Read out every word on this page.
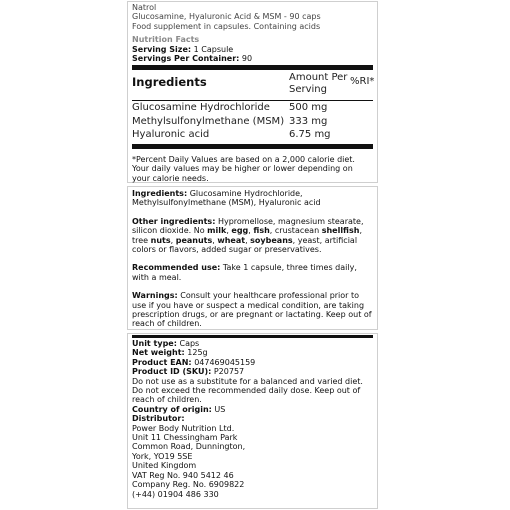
Natrol
Glucosamine, Hyaluronic Acid & MSM - 90 caps
Food supplement in capsules. Containing acids
Nutrition Facts
Serving Size: 1 Capsule
Servings Per Container: 90
Ingredients	Amount Per Serving
%RI*
Glucosamine Hydrochloride 500 mg
Methylsulfonylmethane (MSM) 333 mg
Hyaluronic acid	6.75 mg
*Percent Daily Values are based on a 2,000 calorie diet. Your daily values may be higher or lower depending on your calorie needs.
Ingredients: Glucosamine Hydrochloride, Methylsulfonylmethane (MSM), Hyaluronic acid
Other ingredients: Hypromellose, magnesium stearate, silicon dioxide. No milk, egg, fish, crustacean shellfish, tree nuts, peanuts, wheat, soybeans, yeast, artificial colors or flavors, added sugar or preservatives.
Recommended use: Take 1 capsule, three times daily, with a meal.
Warnings: Consult your healthcare professional prior to use if you have or suspect a medical condition, are taking prescription drugs, or are pregnant or lactating. Keep out of reach of children.
Unit type: Caps
Net weight: 125g
Product EAN: 047469045159
Product ID (SKU): P20757
Do not use as a substitute for a balanced and varied diet.
Do not exceed the recommended daily dose. Keep out of reach of children.
Country of origin: US
Distributor:
Power Body Nutrition Ltd.
Unit 11 Chessingham Park
Common Road, Dunnington,
York, YO19 5SE
United Kingdom
VAT Reg No. 940 5412 46
Company Reg. No. 6909822
(+44) 01904 486 330
